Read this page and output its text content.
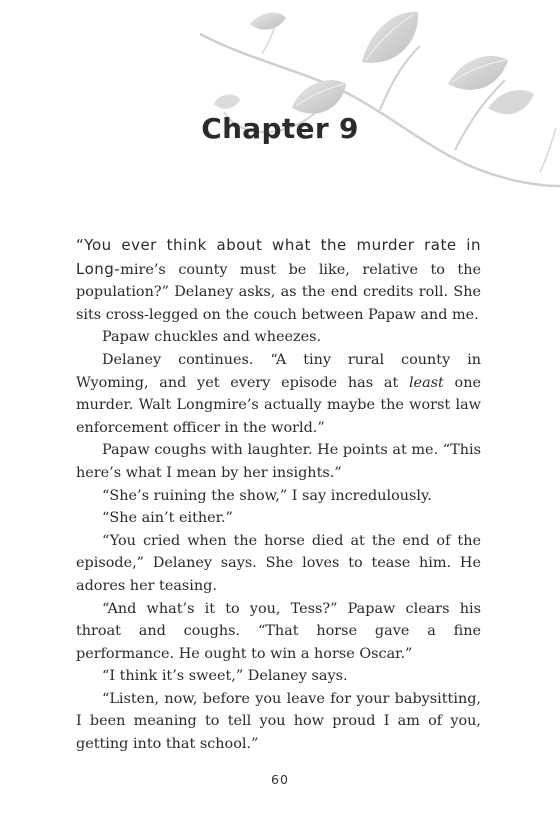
Chapter 9

“You ever think about what the murder rate in Long-mire’s county must be like, relative to the population?” Delaney asks, as the end credits roll. She sits cross-legged on the couch between Papaw and me.

Papaw chuckles and wheezes.

Delaney continues. “A tiny rural county in Wyoming, and yet every episode has at least one murder. Walt Longmire’s actually maybe the worst law enforcement officer in the world.”

Papaw coughs with laughter. He points at me. “This here’s what I mean by her insights.”

“She’s ruining the show,” I say incredulously.

“She ain’t either.”

“You cried when the horse died at the end of the episode,” Delaney says. She loves to tease him. He adores her teasing.

“And what’s it to you, Tess?” Papaw clears his throat and coughs. “That horse gave a fine performance. He ought to win a horse Oscar.”

“I think it’s sweet,” Delaney says.

“Listen, now, before you leave for your babysitting, I been meaning to tell you how proud I am of you, getting into that school.”

60
